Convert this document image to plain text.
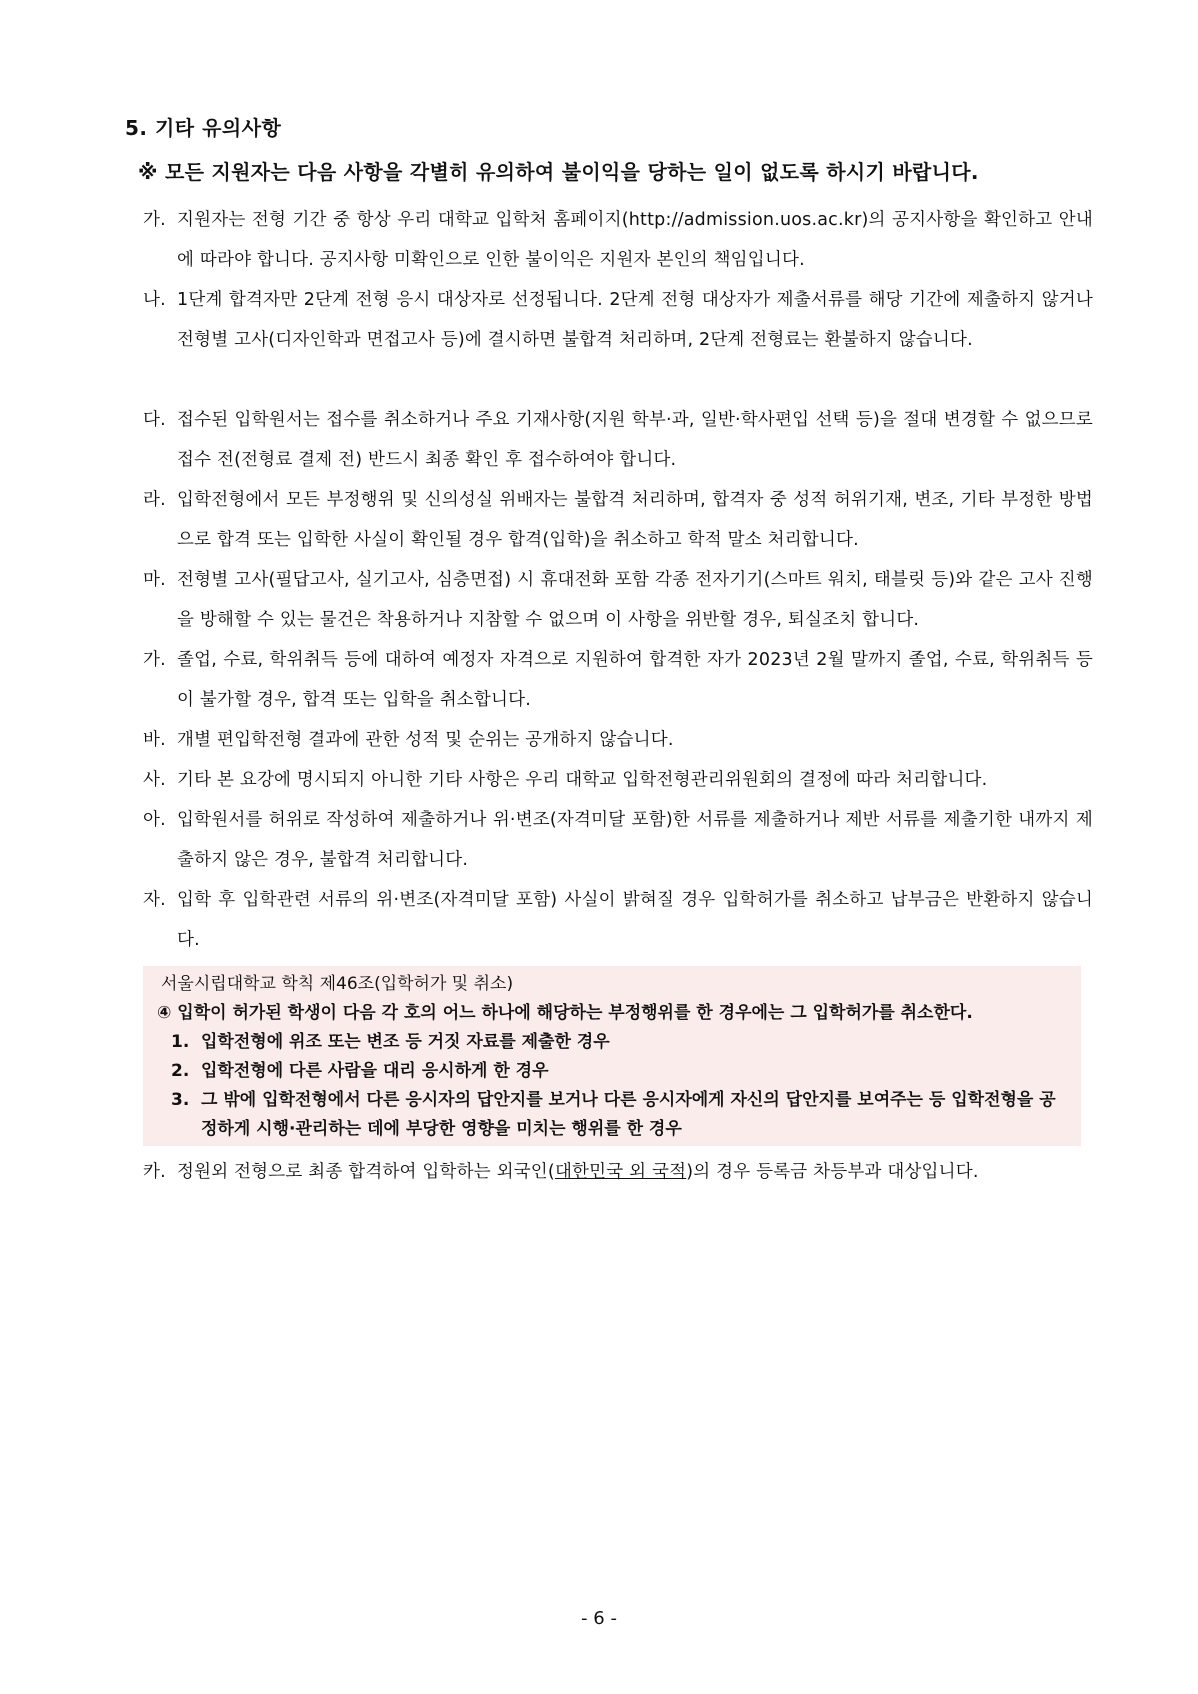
5. 기타 유의사항
※ 모든 지원자는 다음 사항을 각별히 유의하여 불이익을 당하는 일이 없도록 하시기 바랍니다.
가. 지원자는 전형 기간 중 항상 우리 대학교 입학처 홈페이지(http://admission.uos.ac.kr)의 공지사항을 확인하고 안내에 따라야 합니다. 공지사항 미확인으로 인한 불이익은 지원자 본인의 책임입니다.
나. 1단계 합격자만 2단계 전형 응시 대상자로 선정됩니다. 2단계 전형 대상자가 제출서류를 해당 기간에 제출하지 않거나 전형별 고사(디자인학과 면접고사 등)에 결시하면 불합격 처리하며, 2단계 전형료는 환불하지 않습니다.
다. 접수된 입학원서는 접수를 취소하거나 주요 기재사항(지원 학부·과, 일반·학사편입 선택 등)을 절대 변경할 수 없으므로 접수 전(전형료 결제 전) 반드시 최종 확인 후 접수하여야 합니다.
라. 입학전형에서 모든 부정행위 및 신의성실 위배자는 불합격 처리하며, 합격자 중 성적 허위기재, 변조, 기타 부정한 방법으로 합격 또는 입학한 사실이 확인될 경우 합격(입학)을 취소하고 학적 말소 처리합니다.
마. 전형별 고사(필답고사, 실기고사, 심층면접) 시 휴대전화 포함 각종 전자기기(스마트 워치, 태블릿 등)와 같은 고사 진행을 방해할 수 있는 물건은 착용하거나 지참할 수 없으며 이 사항을 위반할 경우, 퇴실조치 합니다.
가. 졸업, 수료, 학위취득 등에 대하여 예정자 자격으로 지원하여 합격한 자가 2023년 2월 말까지 졸업, 수료, 학위취득 등이 불가할 경우, 합격 또는 입학을 취소합니다.
바. 개별 편입학전형 결과에 관한 성적 및 순위는 공개하지 않습니다.
사. 기타 본 요강에 명시되지 아니한 기타 사항은 우리 대학교 입학전형관리위원회의 결정에 따라 처리합니다.
아. 입학원서를 허위로 작성하여 제출하거나 위·변조(자격미달 포함)한 서류를 제출하거나 제반 서류를 제출기한 내까지 제출하지 않은 경우, 불합격 처리합니다.
자. 입학 후 입학관련 서류의 위·변조(자격미달 포함) 사실이 밝혀질 경우 입학허가를 취소하고 납부금은 반환하지 않습니다.
서울시립대학교 학칙 제46조(입학허가 및 취소)
④ 입학이 허가된 학생이 다음 각 호의 어느 하나에 해당하는 부정행위를 한 경우에는 그 입학허가를 취소한다.
1. 입학전형에 위조 또는 변조 등 거짓 자료를 제출한 경우
2. 입학전형에 다른 사람을 대리 응시하게 한 경우
3. 그 밖에 입학전형에서 다른 응시자의 답안지를 보거나 다른 응시자에게 자신의 답안지를 보여주는 등 입학전형을 공정하게 시행·관리하는 데에 부당한 영향을 미치는 행위를 한 경우
카. 정원외 전형으로 최종 합격하여 입학하는 외국인(대한민국 외 국적)의 경우 등록금 차등부과 대상입니다.
- 6 -
